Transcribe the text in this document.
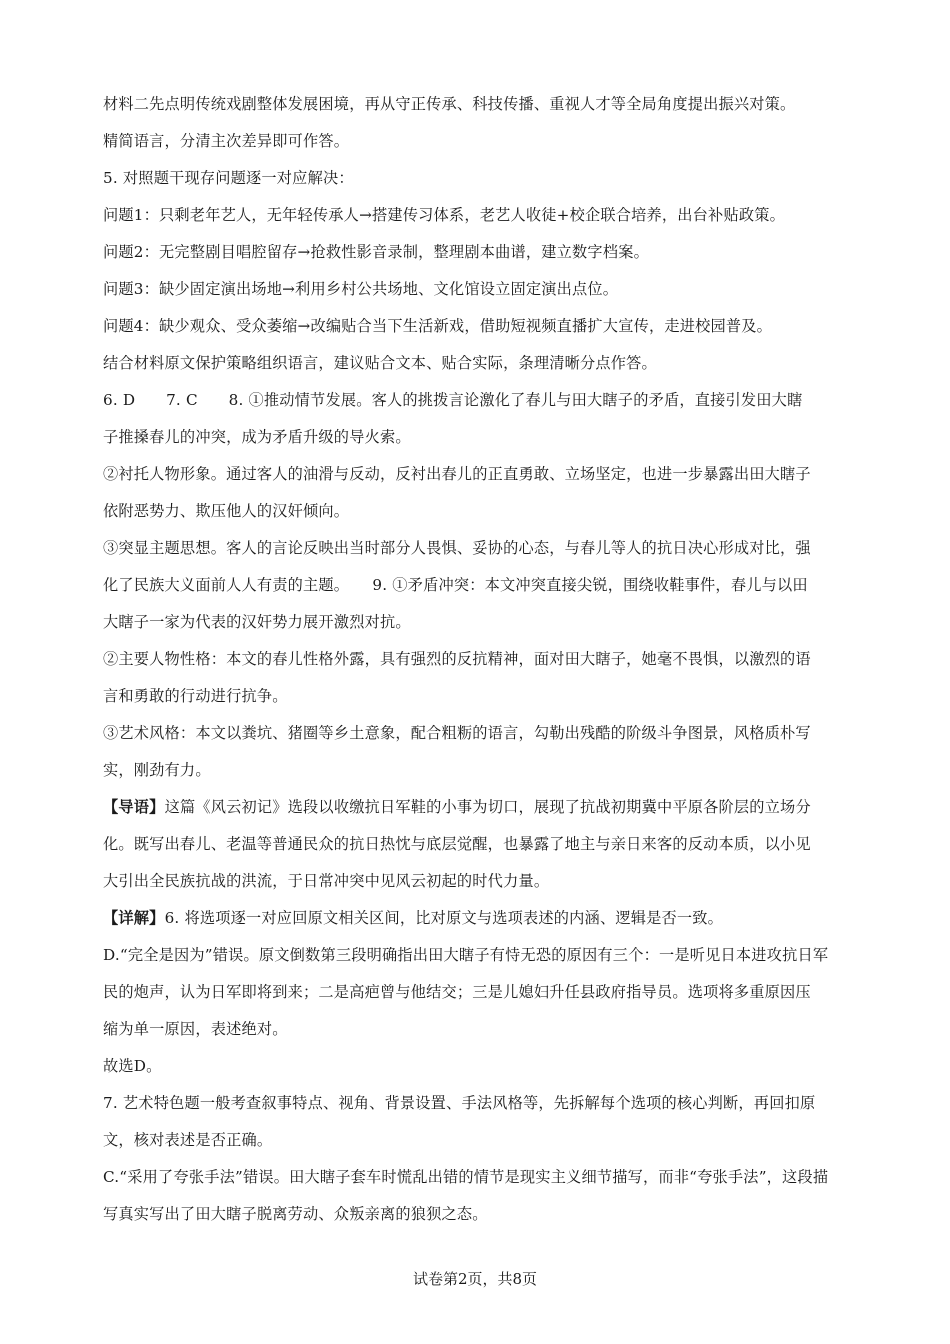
材料二先点明传统戏剧整体发展困境，再从守正传承、科技传播、重视人才等全局角度提出振兴对策。
精简语言，分清主次差异即可作答。
5. 对照题干现存问题逐一对应解决：
问题1：只剩老年艺人，无年轻传承人→搭建传习体系，老艺人收徒+校企联合培养，出台补贴政策。
问题2：无完整剧目唱腔留存→抢救性影音录制，整理剧本曲谱，建立数字档案。
问题3：缺少固定演出场地→利用乡村公共场地、文化馆设立固定演出点位。
问题4：缺少观众、受众萎缩→改编贴合当下生活新戏，借助短视频直播扩大宣传，走进校园普及。
结合材料原文保护策略组织语言，建议贴合文本、贴合实际，条理清晰分点作答。
6. D　　7. C　　8. ①推动情节发展。客人的挑拨言论激化了春儿与田大瞎子的矛盾，直接引发田大瞎
子推搡春儿的冲突，成为矛盾升级的导火索。
②衬托人物形象。通过客人的油滑与反动，反衬出春儿的正直勇敢、立场坚定，也进一步暴露出田大瞎子
依附恶势力、欺压他人的汉奸倾向。
③突显主题思想。客人的言论反映出当时部分人畏惧、妥协的心态，与春儿等人的抗日决心形成对比，强
化了民族大义面前人人有责的主题。　　9. ①矛盾冲突：本文冲突直接尖锐，围绕收鞋事件，春儿与以田
大瞎子一家为代表的汉奸势力展开激烈对抗。
②主要人物性格：本文的春儿性格外露，具有强烈的反抗精神，面对田大瞎子，她毫不畏惧，以激烈的语
言和勇敢的行动进行抗争。
③艺术风格：本文以粪坑、猪圈等乡土意象，配合粗粝的语言，勾勒出残酷的阶级斗争图景，风格质朴写
实，刚劲有力。
【导语】这篇《风云初记》选段以收缴抗日军鞋的小事为切口，展现了抗战初期冀中平原各阶层的立场分
化。既写出春儿、老温等普通民众的抗日热忱与底层觉醒，也暴露了地主与亲日来客的反动本质，以小见
大引出全民族抗战的洪流，于日常冲突中见风云初起的时代力量。
【详解】6. 将选项逐一对应回原文相关区间，比对原文与选项表述的内涵、逻辑是否一致。
D.“完全是因为”错误。原文倒数第三段明确指出田大瞎子有恃无恐的原因有三个：一是听见日本进攻抗日军
民的炮声，认为日军即将到来；二是高疤曾与他结交；三是儿媳妇升任县政府指导员。选项将多重原因压
缩为单一原因，表述绝对。
故选D。
7. 艺术特色题一般考查叙事特点、视角、背景设置、手法风格等，先拆解每个选项的核心判断，再回扣原
文，核对表述是否正确。
C.“采用了夸张手法”错误。田大瞎子套车时慌乱出错的情节是现实主义细节描写，而非“夸张手法”，这段描
写真实写出了田大瞎子脱离劳动、众叛亲离的狼狈之态。
试卷第2页，共8页
